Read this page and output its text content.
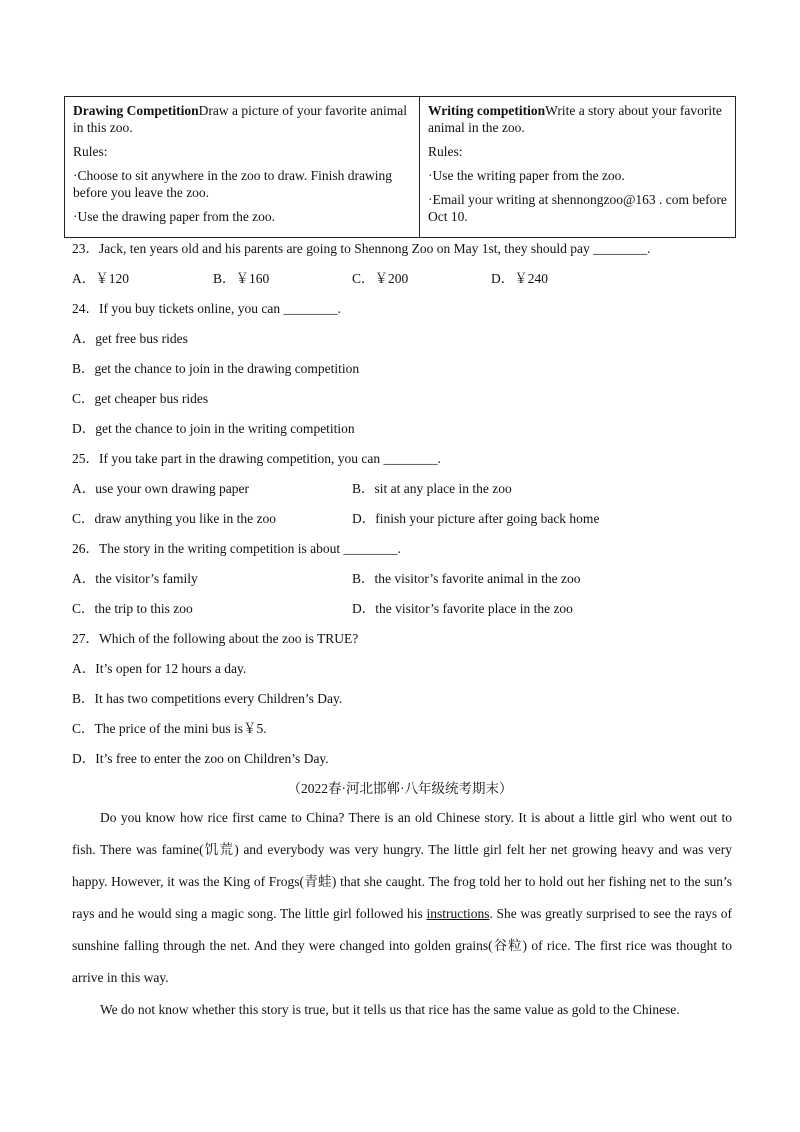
Drawing CompetitionDraw a picture of your favorite animal in this zoo.

Rules:

·Choose to sit anywhere in the zoo to draw. Finish drawing before you leave the zoo.

·Use the drawing paper from the zoo.

Writing competitionWrite a story about your favorite animal in the zoo.

Rules:

·Use the writing paper from the zoo.

·Email your writing at shennongzoo@163 . com before Oct 10.

23．Jack, ten years old and his parents are going to Shennong Zoo on May 1st, they should pay ________.
A．￥120	B．￥160	C．￥200	D．￥240
24．If you buy tickets online, you can ________.
A．get free bus rides
B．get the chance to join in the drawing competition
C．get cheaper bus rides
D．get the chance to join in the writing competition
25．If you take part in the drawing competition, you can ________.
A．use your own drawing paper	B．sit at any place in the zoo
C．draw anything you like in the zoo	D．finish your picture after going back home
26．The story in the writing competition is about ________.
A．the visitor’s family	B．the visitor’s favorite animal in the zoo
C．the trip to this zoo	D．the visitor’s favorite place in the zoo
27．Which of the following about the zoo is TRUE?
A．It’s open for 12 hours a day.
B．It has two competitions every Children’s Day.
C．The price of the mini bus is￥5.
D．It’s free to enter the zoo on Children’s Day.
（2022春·河北邯郸·八年级统考期末）
Do you know how rice first came to China? There is an old Chinese story. It is about a little girl who went out to fish. There was famine(饥荒) and everybody was very hungry. The little girl felt her net growing heavy and was very happy. However, it was the King of Frogs(青蛙) that she caught. The frog told her to hold out her fishing net to the sun’s rays and he would sing a magic song. The little girl followed his instructions. She was greatly surprised to see the rays of sunshine falling through the net. And they were changed into golden grains(谷粒) of rice. The first rice was thought to arrive in this way.
We do not know whether this story is true, but it tells us that rice has the same value as gold to the Chinese.
